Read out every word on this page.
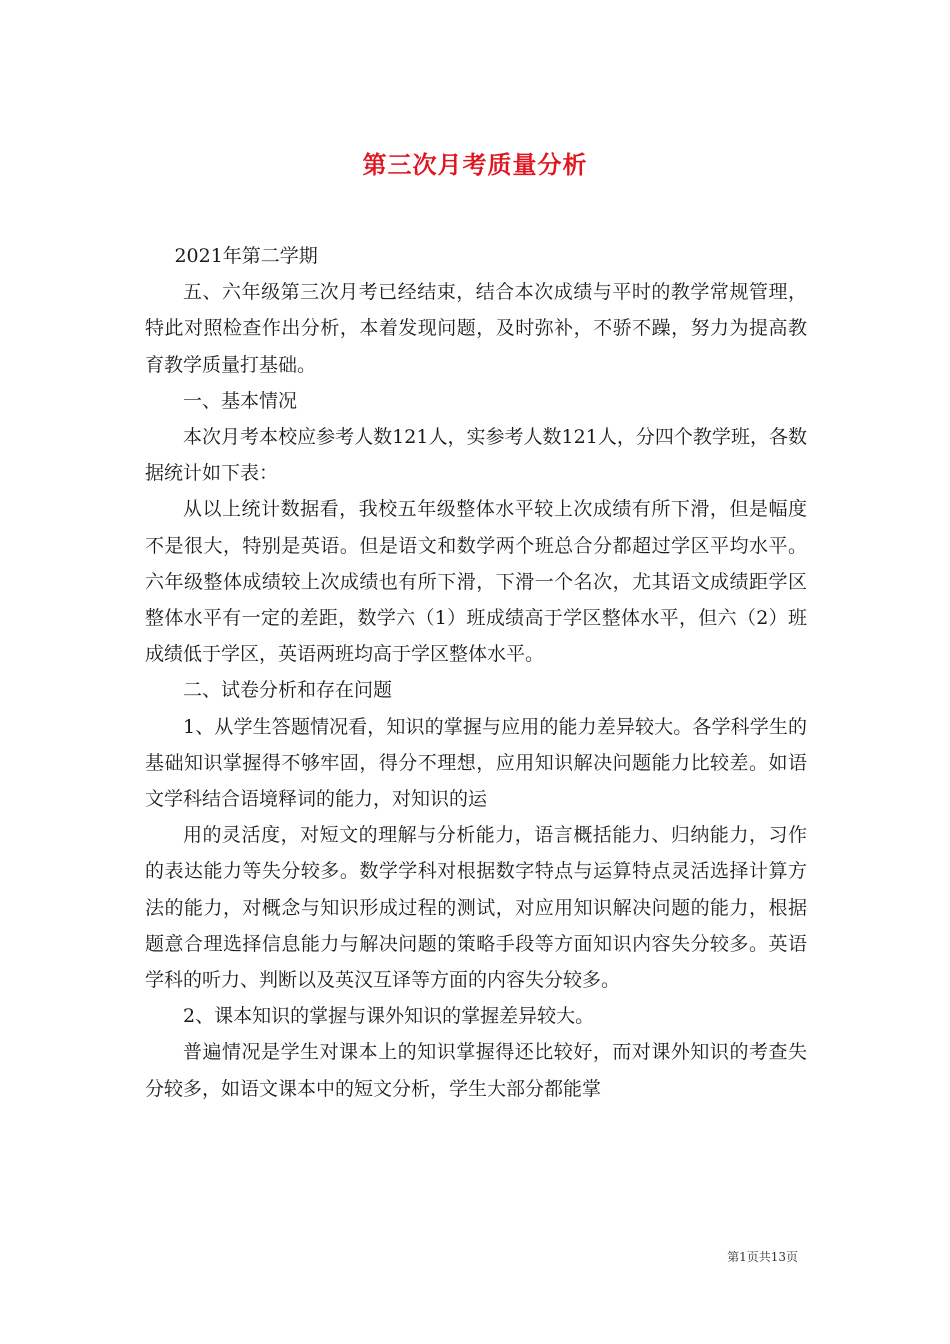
第三次月考质量分析

2021年第二学期

五、六年级第三次月考已经结束，结合本次成绩与平时的教学常规管理，特此对照检查作出分析，本着发现问题，及时弥补，不骄不躁，努力为提高教育教学质量打基础。

一、基本情况

本次月考本校应参考人数121人，实参考人数121人，分四个教学班，各数据统计如下表：

从以上统计数据看，我校五年级整体水平较上次成绩有所下滑，但是幅度不是很大，特别是英语。但是语文和数学两个班总合分都超过学区平均水平。六年级整体成绩较上次成绩也有所下滑，下滑一个名次，尤其语文成绩距学区整体水平有一定的差距，数学六（1）班成绩高于学区整体水平，但六（2）班成绩低于学区，英语两班均高于学区整体水平。

二、试卷分析和存在问题

1、从学生答题情况看，知识的掌握与应用的能力差异较大。各学科学生的基础知识掌握得不够牢固，得分不理想，应用知识解决问题能力比较差。如语文学科结合语境释词的能力，对知识的运

用的灵活度，对短文的理解与分析能力，语言概括能力、归纳能力，习作的表达能力等失分较多。数学学科对根据数字特点与运算特点灵活选择计算方法的能力，对概念与知识形成过程的测试，对应用知识解决问题的能力，根据题意合理选择信息能力与解决问题的策略手段等方面知识内容失分较多。英语学科的听力、判断以及英汉互译等方面的内容失分较多。

2、课本知识的掌握与课外知识的掌握差异较大。

普遍情况是学生对课本上的知识掌握得还比较好，而对课外知识的考查失分较多，如语文课本中的短文分析，学生大部分都能掌

第1页共13页
